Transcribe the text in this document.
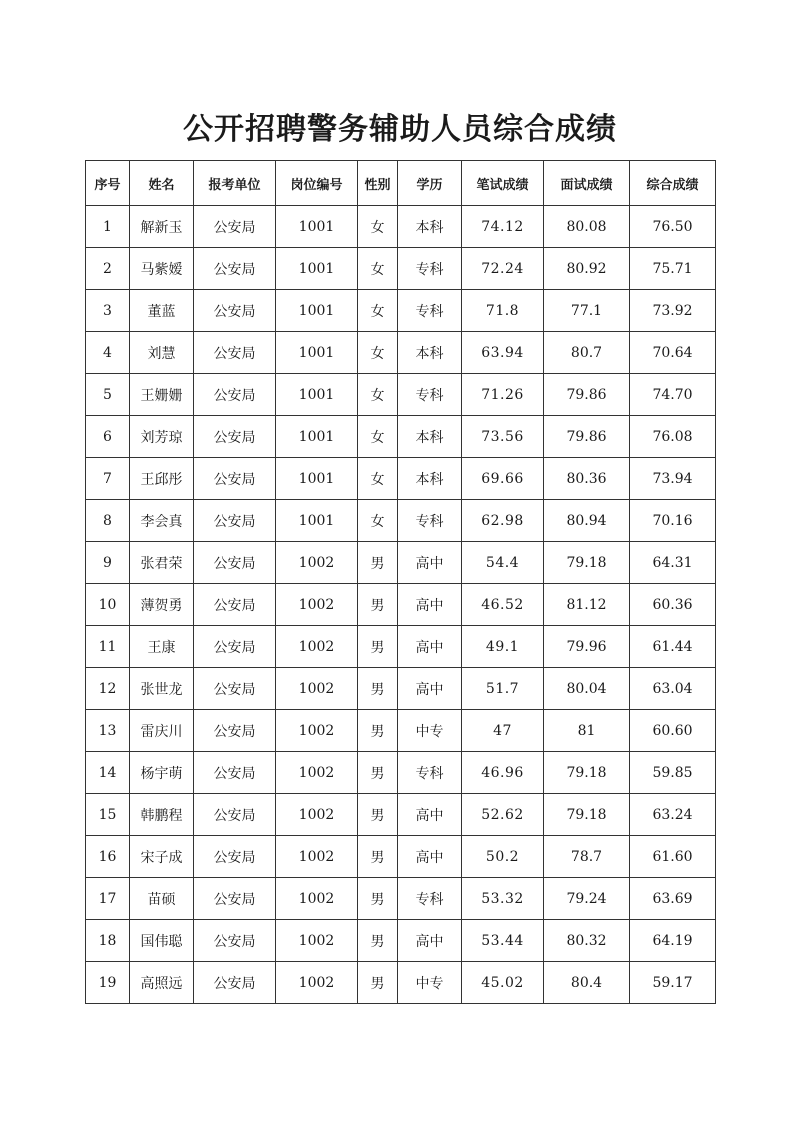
公开招聘警务辅助人员综合成绩
序号	姓名	报考单位	岗位编号	性别	学历	笔试成绩	面试成绩	综合成绩
1	解新玉	公安局	1001	女	本科	74.12	80.08	76.50
2	马紫嫒	公安局	1001	女	专科	72.24	80.92	75.71
3	董蓝	公安局	1001	女	专科	71.8	77.1	73.92
4	刘慧	公安局	1001	女	本科	63.94	80.7	70.64
5	王姗姗	公安局	1001	女	专科	71.26	79.86	74.70
6	刘芳琼	公安局	1001	女	本科	73.56	79.86	76.08
7	王邱彤	公安局	1001	女	本科	69.66	80.36	73.94
8	李会真	公安局	1001	女	专科	62.98	80.94	70.16
9	张君荣	公安局	1002	男	高中	54.4	79.18	64.31
10	薄贺勇	公安局	1002	男	高中	46.52	81.12	60.36
11	王康	公安局	1002	男	高中	49.1	79.96	61.44
12	张世龙	公安局	1002	男	高中	51.7	80.04	63.04
13	雷庆川	公安局	1002	男	中专	47	81	60.60
14	杨宇萌	公安局	1002	男	专科	46.96	79.18	59.85
15	韩鹏程	公安局	1002	男	高中	52.62	79.18	63.24
16	宋子成	公安局	1002	男	高中	50.2	78.7	61.60
17	苗硕	公安局	1002	男	专科	53.32	79.24	63.69
18	国伟聪	公安局	1002	男	高中	53.44	80.32	64.19
19	高照远	公安局	1002	男	中专	45.02	80.4	59.17
